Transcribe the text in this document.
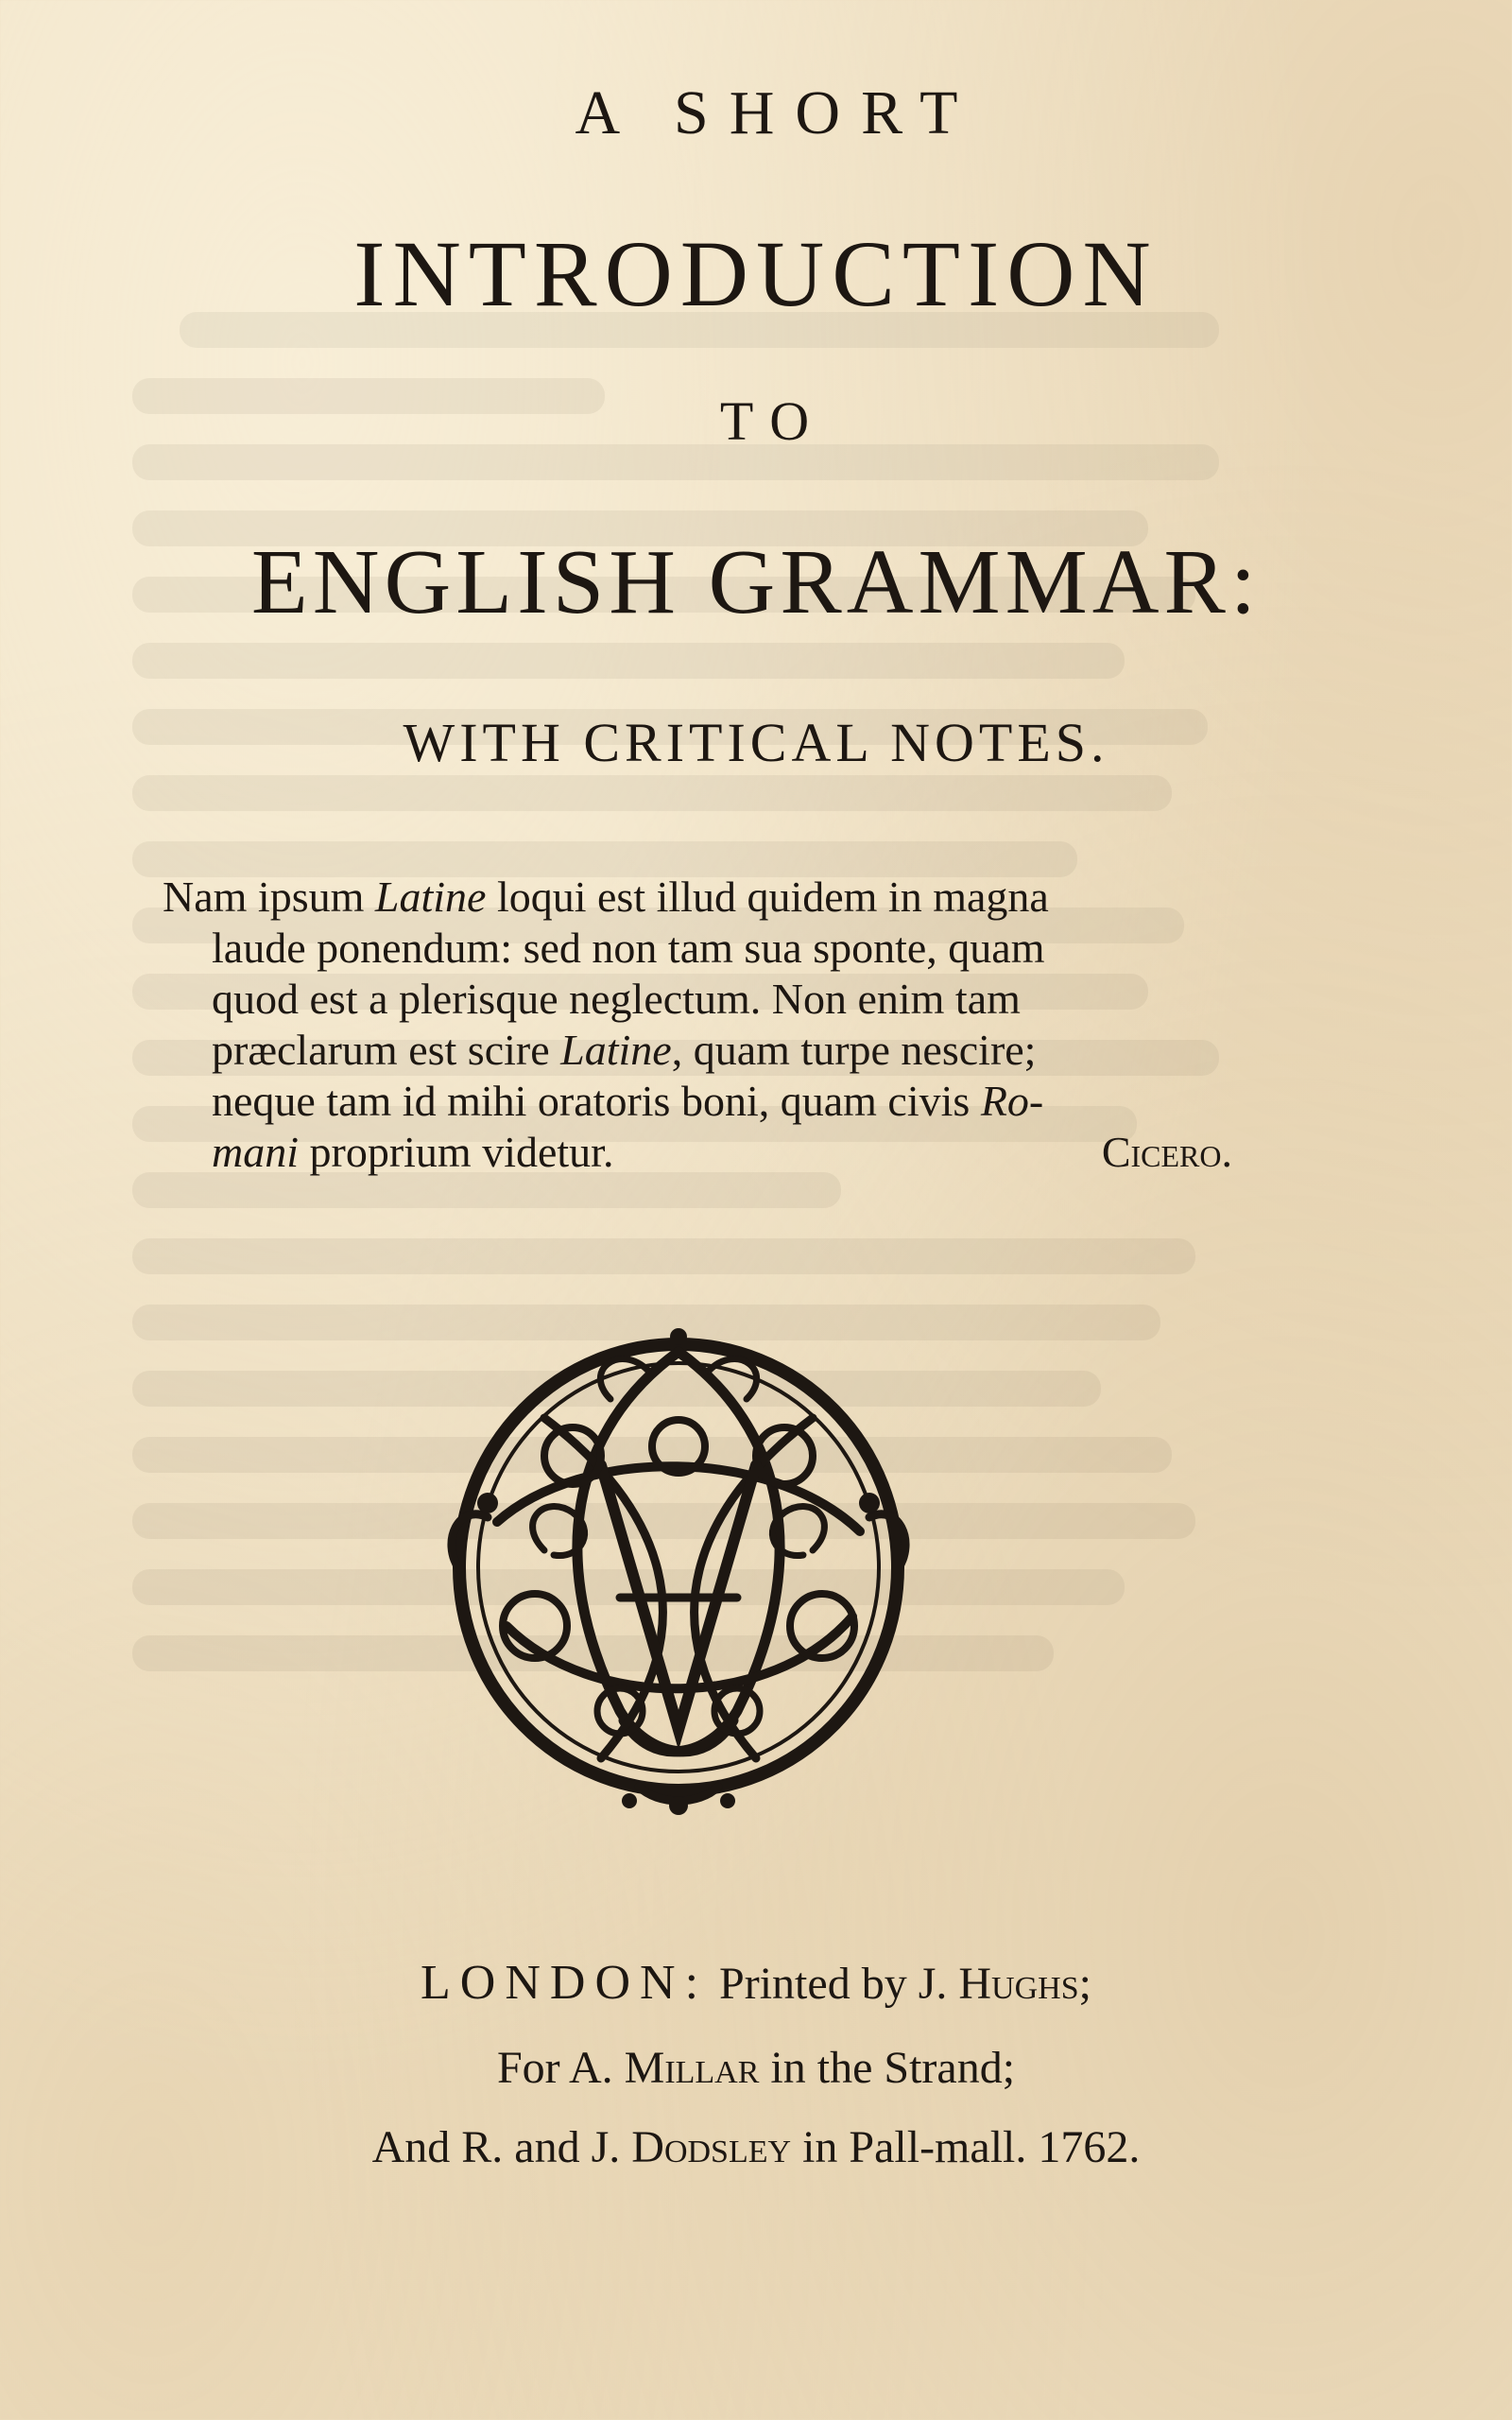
A SHORT
INTRODUCTION
TO
ENGLISH GRAMMAR:
WITH CRITICAL NOTES.
Nam ipsum Latine loqui est illud quidem in magna
laude ponendum: sed non tam sua sponte, quam
quod est a plerisque neglectum. Non enim tam
præclarum est scire Latine, quam turpe nescire;
neque tam id mihi oratoris boni, quam civis Ro-
mani proprium videtur.	Cicero.
LONDON: Printed by J. Hughs;
For A. Millar in the Strand;
And R. and J. Dodsley in Pall-mall. 1762.
